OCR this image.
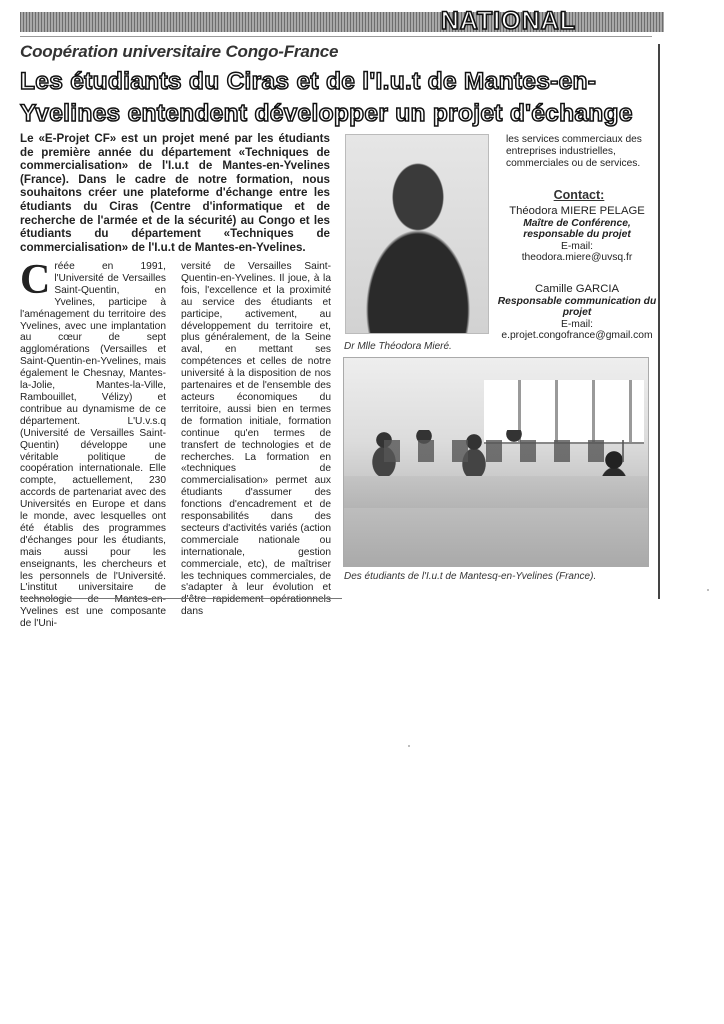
NATIONAL

Coopération universitaire Congo-France

Les étudiants du Ciras et de l'I.u.t de Mantes-en-Yvelines entendent développer un projet d'échange

Le «E-Projet CF» est un projet mené par les étudiants de première année du département «Techniques de commercialisation» de l'I.u.t de Mantes-en-Yvelines (France). Dans le cadre de notre formation, nous souhaitons créer une plateforme d'échange entre les étudiants du Ciras (Centre d'informatique et de recherche de l'armée et de la sécurité) au Congo et les étudiants du département «Techniques de commercialisation» de l'I.u.t de Mantes-en-Yvelines.

Créée en 1991, l'Université de Versailles Saint-Quentin, en Yvelines, participe à l'aménagement du territoire des Yvelines, avec une implantation au cœur de sept agglomérations (Versailles et Saint-Quentin-en-Yvelines, mais également le Chesnay, Mantes-la-Jolie, Mantes-la-Ville, Rambouillet, Vélizy) et contribue au dynamisme de ce département. L'U.v.s.q (Université de Versailles Saint-Quentin) développe une véritable politique de coopération internationale. Elle compte, actuellement, 230 accords de partenariat avec des Universités en Europe et dans le monde, avec lesquelles ont été établis des programmes d'échanges pour les étudiants, mais aussi pour les enseignants, les chercheurs et les personnels de l'Université. L'institut universitaire de technologie de Mantes-en-Yvelines est une composante de l'Uni-

versité de Versailles Saint-Quentin-en-Yvelines. Il joue, à la fois, l'excellence et la proximité au service des étudiants et participe, activement, au développement du territoire et, plus généralement, de la Seine aval, en mettant ses compétences et celles de notre université à la disposition de nos partenaires et de l'ensemble des acteurs économiques du territoire, aussi bien en termes de formation initiale, formation continue qu'en termes de transfert de technologies et de recherches. La formation en «techniques de commercialisation» permet aux étudiants d'assumer des fonctions d'encadrement et de responsabilités dans des secteurs d'activités variés (action commerciale nationale ou internationale, gestion commerciale, etc), de maîtriser les techniques commerciales, de s'adapter à leur évolution et d'être rapidement opérationnels dans

les services commerciaux des entreprises industrielles, commerciales ou de services.

Dr Mlle Théodora Mieré.

Contact:

Théodora MIERE PELAGE
Maître de Conférence, responsable du projet
E-mail:
theodora.miere@uvsq.fr
Camille GARCIA
Responsable communication du projet
E-mail:
e.projet.congofrance@gmail.com

Des étudiants de l'I.u.t de Mantesq-en-Yvelines (France).
